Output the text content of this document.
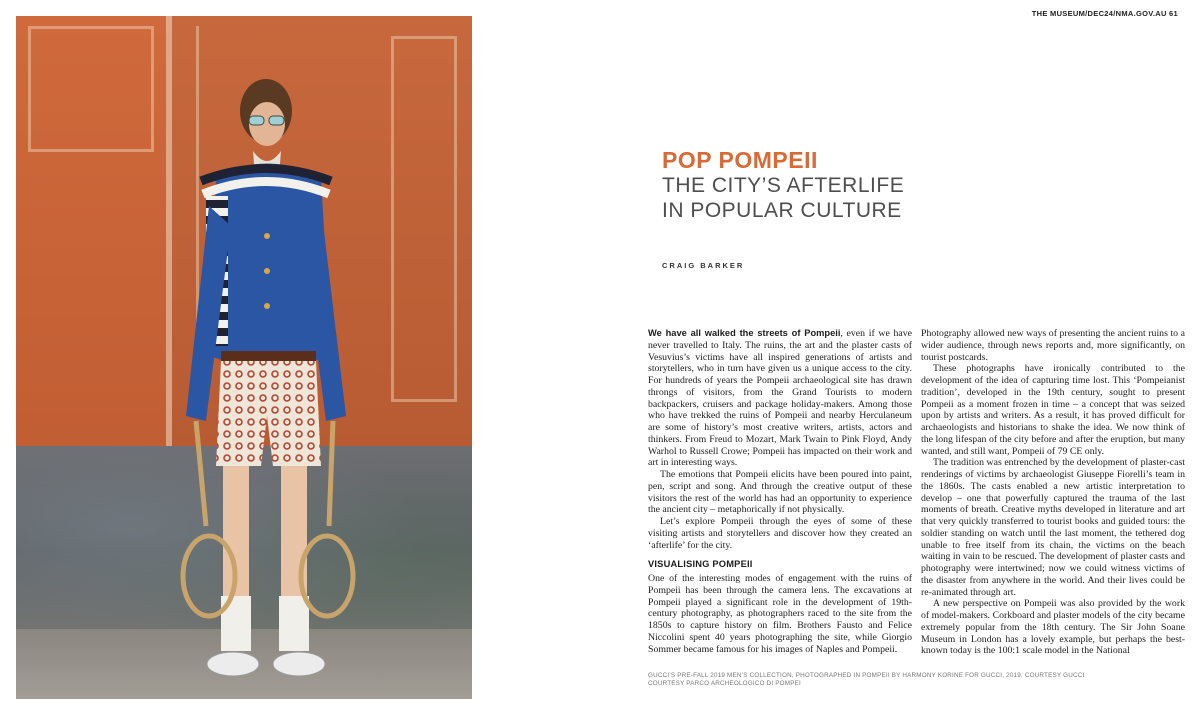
THE MUSEUM/DEC24/NMA.GOV.AU 61
POP POMPEII
THE CITY’S AFTERLIFE
IN POPULAR CULTURE
CRAIG BARKER

We have all walked the streets of Pompeii, even if we have never travelled to Italy. The ruins, the art and the plaster casts of Vesuvius’s victims have all inspired generations of artists and storytellers, who in turn have given us a unique access to the city. For hundreds of years the Pompeii archaeological site has drawn throngs of visitors, from the Grand Tourists to modern backpackers, cruisers and package holiday-makers. Among those who have trekked the ruins of Pompeii and nearby Herculaneum are some of history’s most creative writers, artists, actors and thinkers. From Freud to Mozart, Mark Twain to Pink Floyd, Andy Warhol to Russell Crowe; Pompeii has impacted on their work and art in interesting ways.

The emotions that Pompeii elicits have been poured into paint, pen, script and song. And through the creative output of these visitors the rest of the world has had an opportunity to experience the ancient city – metaphorically if not physically.

Let’s explore Pompeii through the eyes of some of these visiting artists and storytellers and discover how they created an ‘afterlife’ for the city.

VISUALISING POMPEII

One of the interesting modes of engagement with the ruins of Pompeii has been through the camera lens. The excavations at Pompeii played a significant role in the development of 19th-century photography, as photographers raced to the site from the 1850s to capture history on film. Brothers Fausto and Felice Niccolini spent 40 years photographing the site, while Giorgio Sommer became famous for his images of Naples and Pompeii.

Photography allowed new ways of presenting the ancient ruins to a wider audience, through news reports and, more significantly, on tourist postcards.

These photographs have ironically contributed to the development of the idea of capturing time lost. This ‘Pompeianist tradition’, developed in the 19th century, sought to present Pompeii as a moment frozen in time – a concept that was seized upon by artists and writers. As a result, it has proved difficult for archaeologists and historians to shake the idea. We now think of the long lifespan of the city before and after the eruption, but many wanted, and still want, Pompeii of 79 CE only.

The tradition was entrenched by the development of plaster-cast renderings of victims by archaeologist Giuseppe Fiorelli’s team in the 1860s. The casts enabled a new artistic interpretation to develop – one that powerfully captured the trauma of the last moments of breath. Creative myths developed in literature and art that very quickly transferred to tourist books and guided tours: the soldier standing on watch until the last moment, the tethered dog unable to free itself from its chain, the victims on the beach waiting in vain to be rescued. The development of plaster casts and photography were intertwined; now we could witness victims of the disaster from anywhere in the world. And their lives could be re-animated through art.

A new perspective on Pompeii was also provided by the work of model-makers. Corkboard and plaster models of the city became extremely popular from the 18th century. The Sir John Soane Museum in London has a lovely example, but perhaps the best-known today is the 100:1 scale model in the National

GUCCI’S PRE-FALL 2019 MEN’S COLLECTION, PHOTOGRAPHED IN POMPEII BY HARMONY KORINE FOR GUCCI, 2019. COURTESY GUCCI
COURTESY PARCO ARCHEOLOGICO DI POMPEI
